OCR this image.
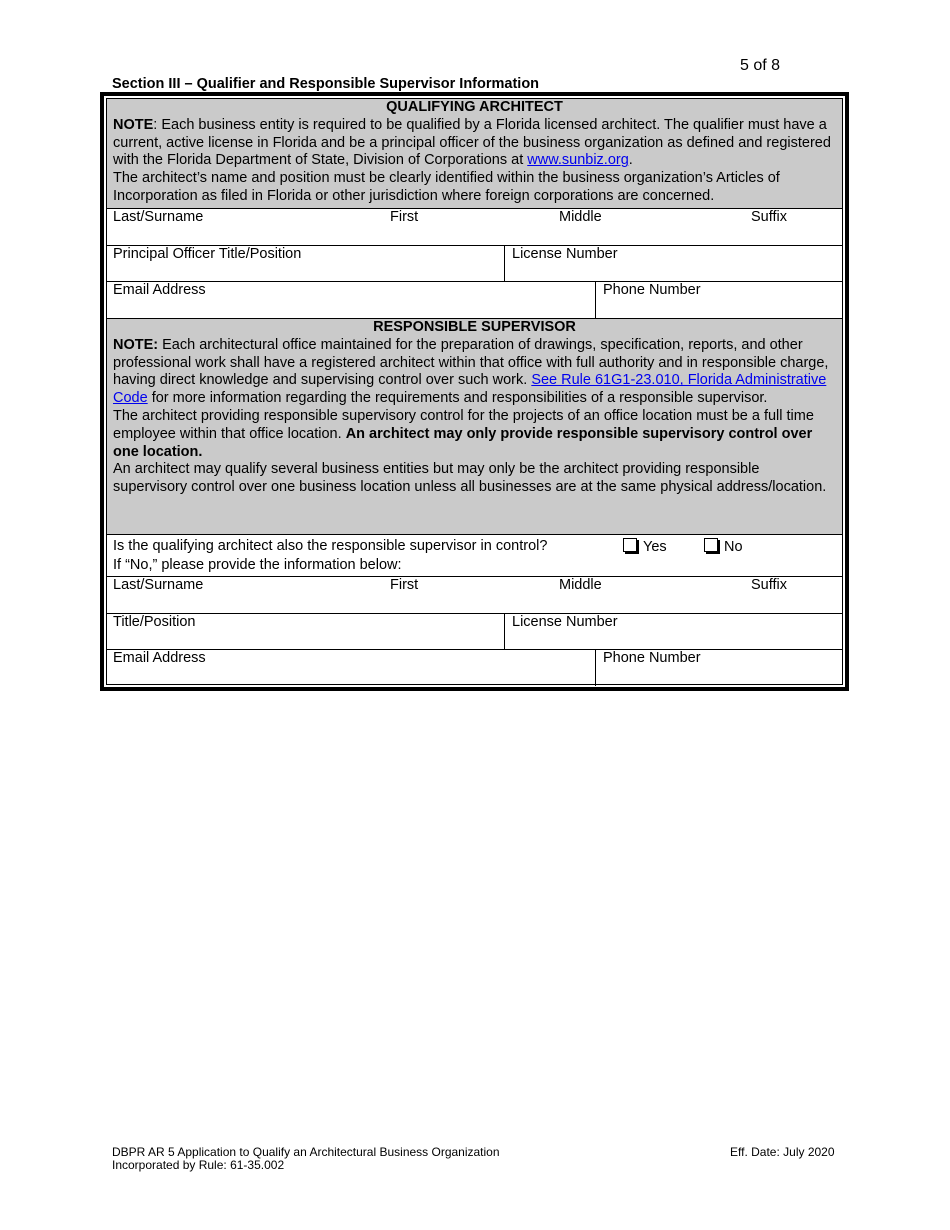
5 of 8
Section III – Qualifier and Responsible Supervisor Information
QUALIFYING ARCHITECT
NOTE: Each business entity is required to be qualified by a Florida licensed architect. The qualifier must have a current, active license in Florida and be a principal officer of the business organization as defined and registered with the Florida Department of State, Division of Corporations at www.sunbiz.org.
The architect’s name and position must be clearly identified within the business organization’s Articles of Incorporation as filed in Florida or other jurisdiction where foreign corporations are concerned.
Last/Surname	First	Middle	Suffix
Principal Officer Title/Position	License Number
Email Address	Phone Number
RESPONSIBLE SUPERVISOR
NOTE: Each architectural office maintained for the preparation of drawings, specification, reports, and other professional work shall have a registered architect within that office with full authority and in responsible charge, having direct knowledge and supervising control over such work. See Rule 61G1-23.010, Florida Administrative Code for more information regarding the requirements and responsibilities of a responsible supervisor.
The architect providing responsible supervisory control for the projects of an office location must be a full time employee within that office location. An architect may only provide responsible supervisory control over one location.
An architect may qualify several business entities but may only be the architect providing responsible supervisory control over one business location unless all businesses are at the same physical address/location.
Is the qualifying architect also the responsible supervisor in control?	Yes	No
If “No,” please provide the information below:
Last/Surname	First	Middle	Suffix
Title/Position	License Number
Email Address	Phone Number
DBPR AR 5 Application to Qualify an Architectural Business Organization
Incorporated by Rule: 61-35.002
Eff. Date: July 2020
